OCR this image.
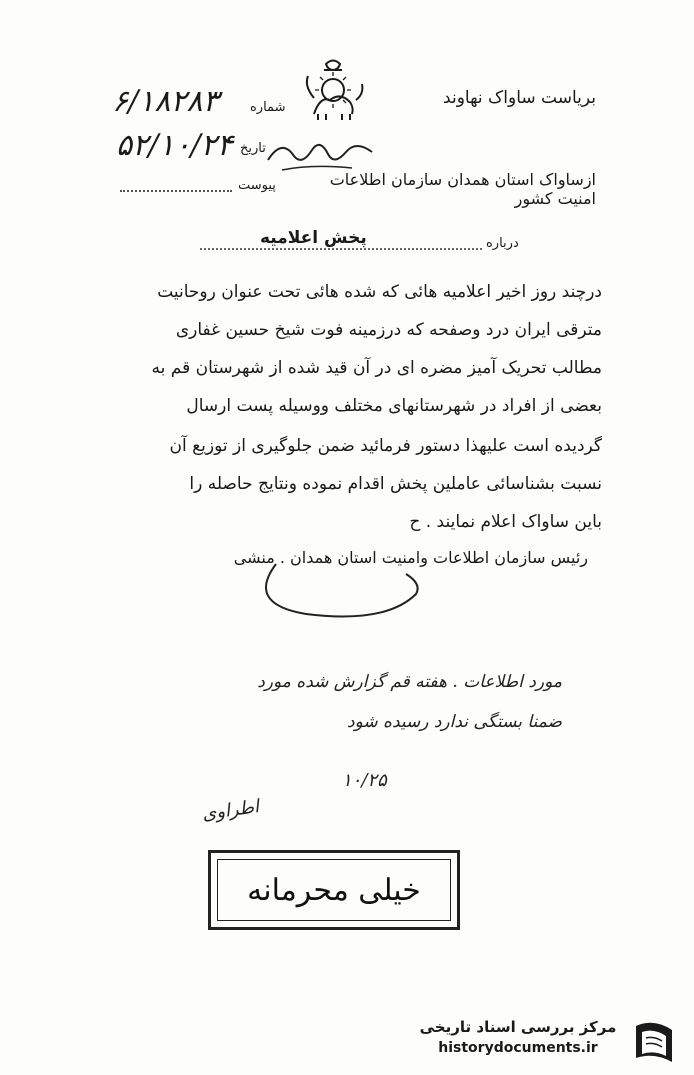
بریاست ساواک نهاوند
شماره
۶/۱۸۲۸۳
تاریخ
۵۲/۱۰/۲۴
ازساواک استان همدان سازمان اطلاعات امنیت کشور
پیوست
درباره
پخش اعلامیه
درچند روز اخیر اعلامیه هائی که شده هائی تحت عنوان روحانیت
مترقی ایران درد وصفحه که درزمینه فوت شیخ حسین غفاری
مطالب تحریک آمیز مضره ای در آن قید شده از شهرستان قم به
بعضی از افراد در شهرستانهای مختلف ووسیله پست ارسال
گردیده است علیهذا دستور فرمائید ضمن جلوگیری از توزیع آن
نسبت بشناسائی عاملین پخش اقدام نموده ونتایج حاصله را
باین ساواک اعلام نمایند . ح
رئیس سازمان اطلاعات وامنیت استان همدان . منشی
مورد اطلاعات . هفته قم گزارش شده مورد
ضمنا بستگی ندارد رسیده شود
۱۰/۲۵
اطراوی
خیلی محرمانه
مرکز بررسی اسناد تاریخی
historydocuments.ir
